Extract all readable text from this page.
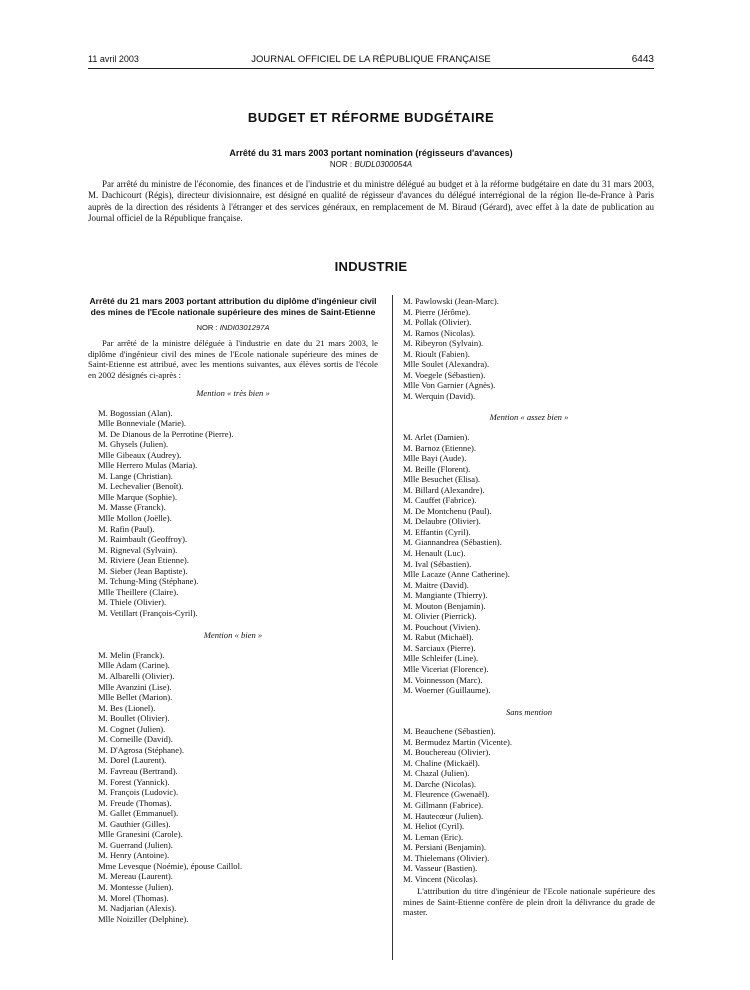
11 avril 2003	JOURNAL OFFICIEL DE LA RÉPUBLIQUE FRANÇAISE	6443
BUDGET ET RÉFORME BUDGÉTAIRE
Arrêté du 31 mars 2003 portant nomination (régisseurs d'avances)
NOR : BUDL0300054A

Par arrêté du ministre de l'économie, des finances et de l'industrie et du ministre délégué au budget et à la réforme budgétaire en date du 31 mars 2003, M. Dachicourt (Régis), directeur divisionnaire, est désigné en qualité de régisseur d'avances du délégué interrégional de la région Ile-de-France à Paris auprès de la direction des résidents à l'étranger et des services généraux, en remplacement de M. Biraud (Gérard), avec effet à la date de publication au Journal officiel de la République française.

INDUSTRIE

Arrêté du 21 mars 2003 portant attribution du diplôme d'ingénieur civil des mines de l'Ecole nationale supérieure des mines de Saint-Etienne

NOR : INDI0301297A

Par arrêté de la ministre déléguée à l'industrie en date du 21 mars 2003, le diplôme d'ingénieur civil des mines de l'Ecole nationale supérieure des mines de Saint-Etienne est attribué, avec les mentions suivantes, aux élèves sortis de l'école en 2002 désignés ci-après :

Mention « très bien »

M. Bogossian (Alan).
Mlle Bonneviale (Marie).
M. De Dianous de la Perrotine (Pierre).
M. Ghysels (Julien).
Mlle Gibeaux (Audrey).
Mlle Herrero Mulas (Maria).
M. Lange (Christian).
M. Lechevalier (Benoît).
Mlle Marque (Sophie).
M. Masse (Franck).
Mlle Mollon (Joëlle).
M. Rafin (Paul).
M. Raimbault (Geoffroy).
M. Rigneval (Sylvain).
M. Riviere (Jean Etienne).
M. Sieber (Jean Baptiste).
M. Tchung-Ming (Stéphane).
Mlle Theillere (Claire).
M. Thiele (Olivier).
M. Vetillart (François-Cyril).

Mention « bien »

M. Melin (Franck).
Mlle Adam (Carine).
M. Albarelli (Olivier).
Mlle Avanzini (Lise).
Mlle Bellet (Marion).
M. Bes (Lionel).
M. Boullet (Olivier).
M. Cognet (Julien).
M. Corneille (David).
M. D'Agrosa (Stéphane).
M. Dorel (Laurent).
M. Favreau (Bertrand).
M. Forest (Yannick).
M. François (Ludovic).
M. Freude (Thomas).
M. Gallet (Emmanuel).
M. Gauthier (Gilles).
Mlle Granesini (Carole).
M. Guerrand (Julien).
M. Henry (Antoine).
Mme Levesque (Noémie), épouse Caillol.
M. Mereau (Laurent).
M. Montesse (Julien).
M. Morel (Thomas).
M. Nadjarian (Alexis).
Mlle Noiziller (Delphine).
M. Pawlowski (Jean-Marc).
M. Pierre (Jérôme).
M. Pollak (Olivier).
M. Ramos (Nicolas).
M. Ribeyron (Sylvain).
M. Rioult (Fabien).
Mlle Soulet (Alexandra).
M. Voegele (Sébastien).
Mlle Von Garnier (Agnès).
M. Werquin (David).

Mention « assez bien »

M. Arlet (Damien).
M. Barnoz (Etienne).
Mlle Bayi (Aude).
M. Beille (Florent).
Mlle Besuchet (Elisa).
M. Billard (Alexandre).
M. Cauffet (Fabrice).
M. De Montchenu (Paul).
M. Delaubre (Olivier).
M. Effantin (Cyril).
M. Giannandrea (Sébastien).
M. Henault (Luc).
M. Ival (Sébastien).
Mlle Lacaze (Anne Catherine).
M. Maitre (David).
M. Mangiante (Thierry).
M. Mouton (Benjamin).
M. Olivier (Pierrick).
M. Pouchout (Vivien).
M. Rabut (Michaël).
M. Sarciaux (Pierre).
Mlle Schleifer (Line).
Mlle Viceriat (Florence).
M. Voinnesson (Marc).
M. Woerner (Guillaume).

Sans mention

M. Beauchene (Sébastien).
M. Bermudez Martin (Vicente).
M. Bouchereau (Olivier).
M. Chaline (Mickaël).
M. Chazal (Julien).
M. Darche (Nicolas).
M. Fleurence (Gwenaël).
M. Gillmann (Fabrice).
M. Hautecœur (Julien).
M. Heliot (Cyril).
M. Leman (Eric).
M. Persiani (Benjamin).
M. Thielemans (Olivier).
M. Vasseur (Bastien).
M. Vincent (Nicolas).

L'attribution du titre d'ingénieur de l'Ecole nationale supérieure des mines de Saint-Etienne confère de plein droit la délivrance du grade de master.
